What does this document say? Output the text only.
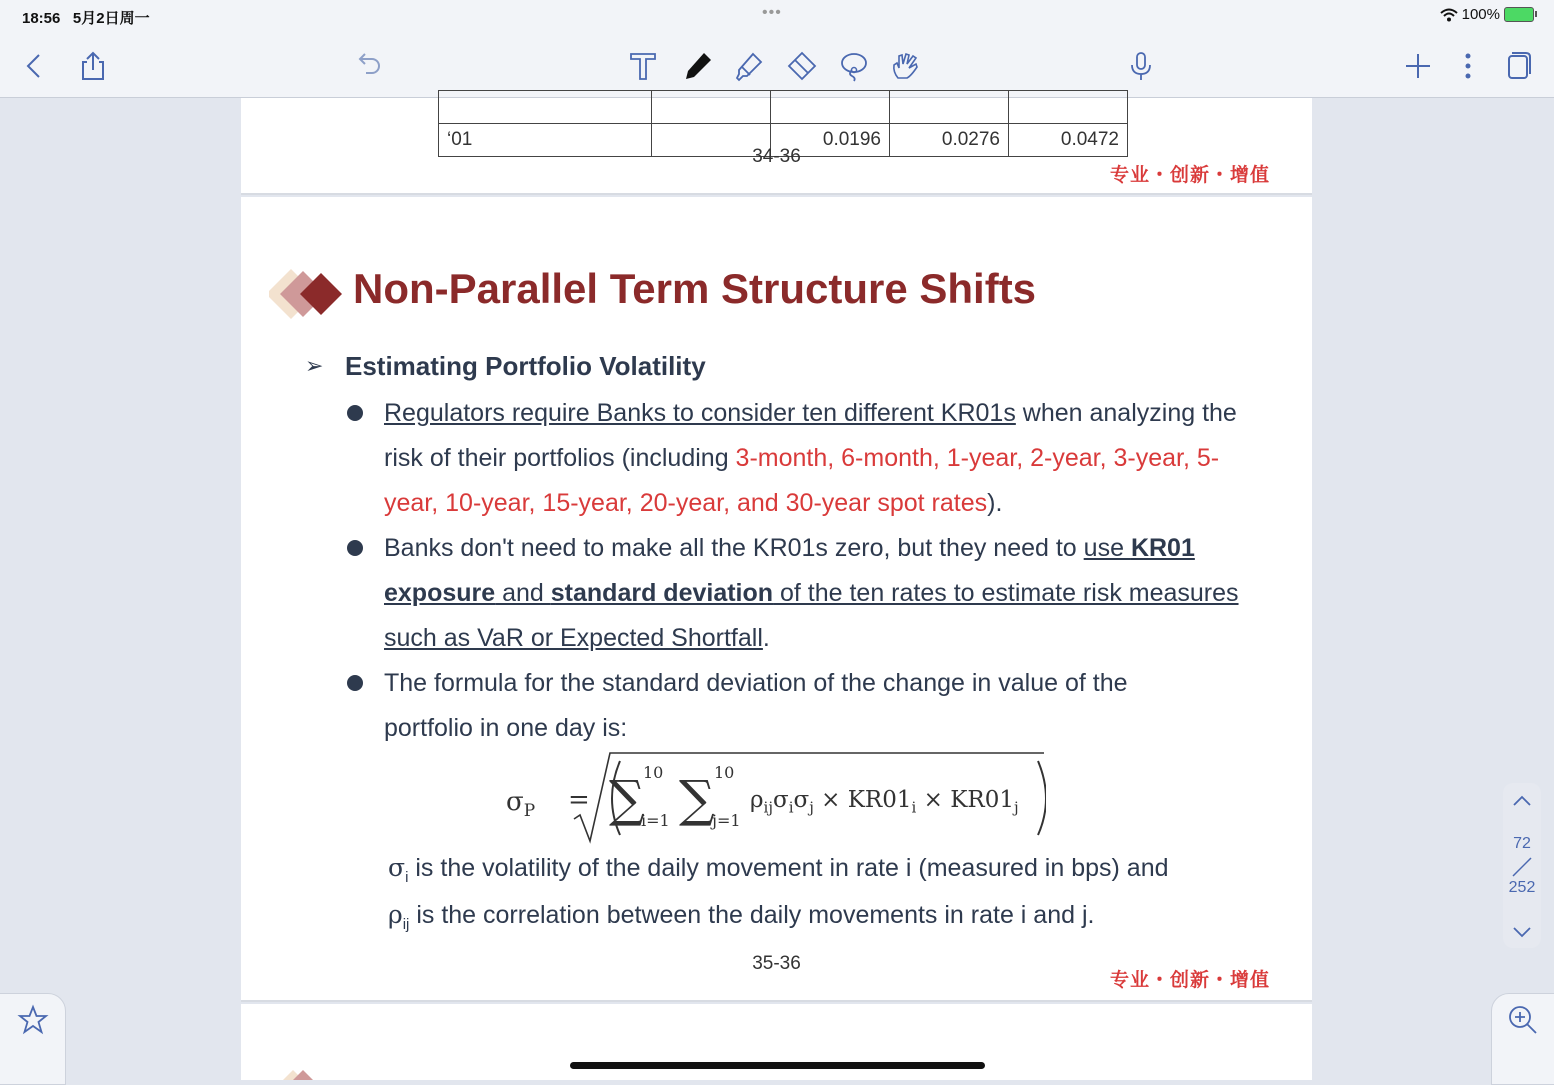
18:56 5月2日周一	•••	100%

‘01		0.0196	0.0276	0.0472
34-36
专业・创新・增值
Non-Parallel Term Structure Shifts
➢ Estimating Portfolio Volatility
Regulators require Banks to consider ten different KR01s when analyzing the risk of their portfolios (including 3-month, 6-month, 1-year, 2-year, 3-year, 5-year, 10-year, 15-year, 20-year, and 30-year spot rates).
Banks don't need to make all the KR01s zero, but they need to use KR01 exposure and standard deviation of the ten rates to estimate risk measures such as VaR or Expected Shortfall.
The formula for the standard deviation of the change in value of the portfolio in one day is:
$\sigma_P$ = ∑
10
i=1 ∑ 10
j=1
$\rho_{ij}\sigma_i\sigma_j \times KR01_i \times KR01_j$
$\sigma_i$ is the volatility of the daily movement in rate i (measured in bps) and
$\rho_{ij}$ is the correlation between the daily movements in rate i and j.
35-36
专业・创新・增值
72
252
